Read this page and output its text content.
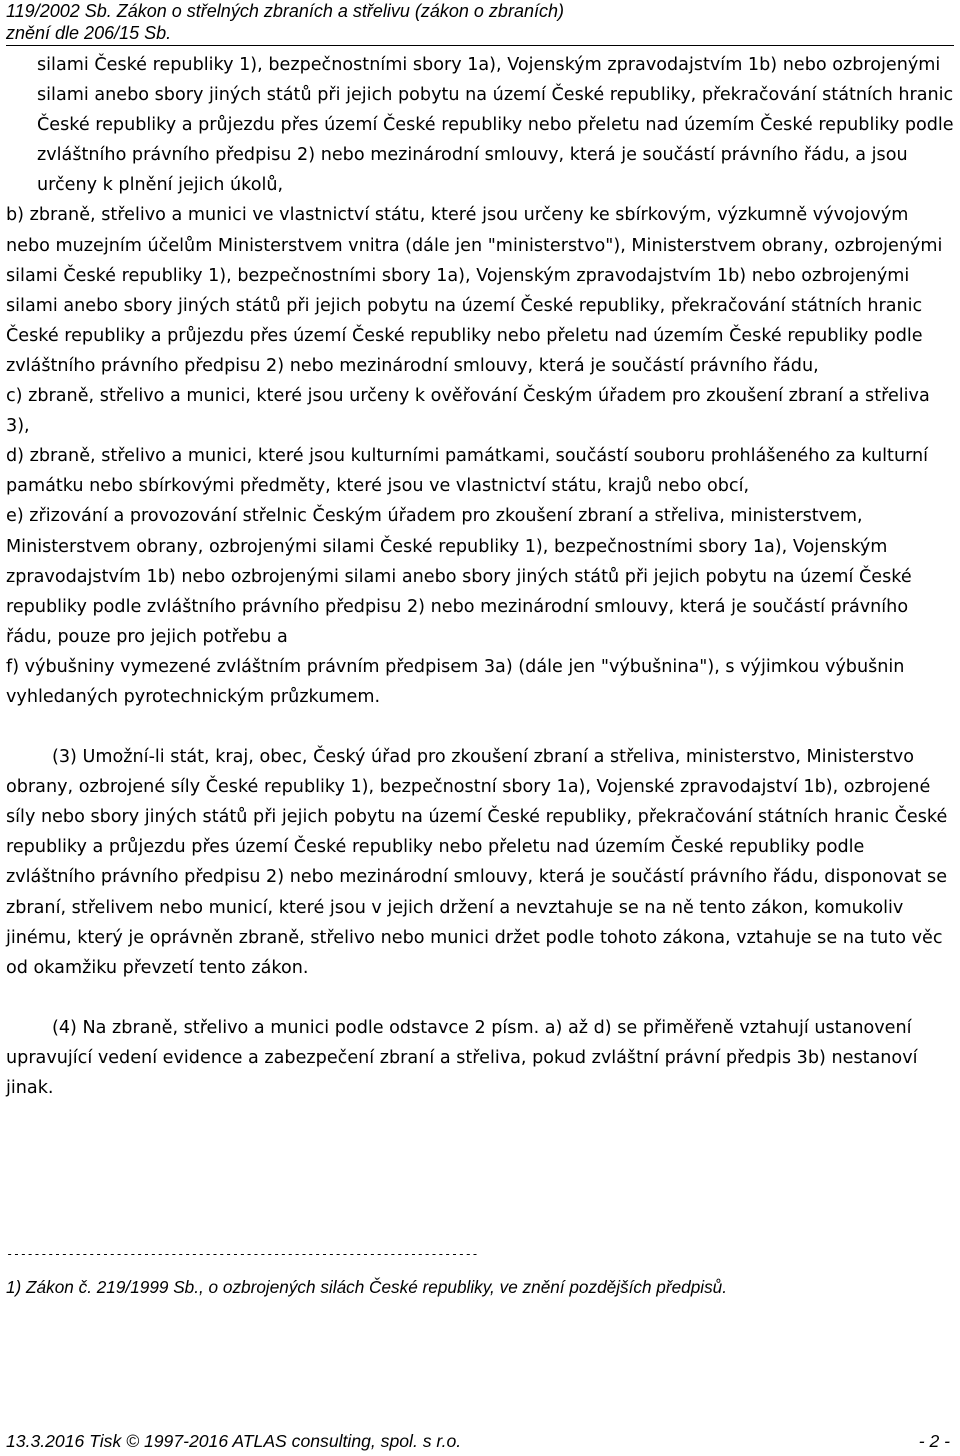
119/2002 Sb. Zákon o střelných zbraních a střelivu (zákon o zbraních)
znění dle 206/15 Sb.

silami České republiky 1), bezpečnostními sbory 1a), Vojenským zpravodajstvím 1b) nebo ozbrojenými silami anebo sbory jiných států při jejich pobytu na území České republiky, překračování státních hranic České republiky a průjezdu přes území České republiky nebo přeletu nad územím České republiky podle zvláštního právního předpisu 2) nebo mezinárodní smlouvy, která je součástí právního řádu, a jsou určeny k plnění jejich úkolů,

b) zbraně, střelivo a munici ve vlastnictví státu, které jsou určeny ke sbírkovým, výzkumně vývojovým nebo muzejním účelům Ministerstvem vnitra (dále jen "ministerstvo"), Ministerstvem obrany, ozbrojenými silami České republiky 1), bezpečnostními sbory 1a), Vojenským zpravodajstvím 1b) nebo ozbrojenými silami anebo sbory jiných států při jejich pobytu na území České republiky, překračování státních hranic České republiky a průjezdu přes území České republiky nebo přeletu nad územím České republiky podle zvláštního právního předpisu 2) nebo mezinárodní smlouvy, která je součástí právního řádu,

c) zbraně, střelivo a munici, které jsou určeny k ověřování Českým úřadem pro zkoušení zbraní a střeliva 3),

d) zbraně, střelivo a munici, které jsou kulturními památkami, součástí souboru prohlášeného za kulturní památku nebo sbírkovými předměty, které jsou ve vlastnictví státu, krajů nebo obcí,

e) zřizování a provozování střelnic Českým úřadem pro zkoušení zbraní a střeliva, ministerstvem, Ministerstvem obrany, ozbrojenými silami České republiky 1), bezpečnostními sbory 1a), Vojenským zpravodajstvím 1b) nebo ozbrojenými silami anebo sbory jiných států při jejich pobytu na území České republiky podle zvláštního právního předpisu 2) nebo mezinárodní smlouvy, která je součástí právního řádu, pouze pro jejich potřebu a

f) výbušniny vymezené zvláštním právním předpisem 3a) (dále jen "výbušnina"), s výjimkou výbušnin vyhledaných pyrotechnickým průzkumem.

(3) Umožní-li stát, kraj, obec, Český úřad pro zkoušení zbraní a střeliva, ministerstvo, Ministerstvo obrany, ozbrojené síly České republiky 1), bezpečnostní sbory 1a), Vojenské zpravodajství 1b), ozbrojené síly nebo sbory jiných států při jejich pobytu na území České republiky, překračování státních hranic České republiky a průjezdu přes území České republiky nebo přeletu nad územím České republiky podle zvláštního právního předpisu 2) nebo mezinárodní smlouvy, která je součástí právního řádu, disponovat se zbraní, střelivem nebo municí, které jsou v jejich držení a nevztahuje se na ně tento zákon, komukoliv jinému, který je oprávněn zbraně, střelivo nebo munici držet podle tohoto zákona, vztahuje se na tuto věc od okamžiku převzetí tento zákon.

(4) Na zbraně, střelivo a munici podle odstavce 2 písm. a) až d) se přiměřeně vztahují ustanovení upravující vedení evidence a zabezpečení zbraní a střeliva, pokud zvláštní právní předpis 3b) nestanoví jinak.

---------------------------------------------------------------------
1) Zákon č. 219/1999 Sb., o ozbrojených silách České republiky, ve znění pozdějších předpisů.
13.3.2016 Tisk © 1997-2016 ATLAS consulting, spol. s r.o.	- 2 -
